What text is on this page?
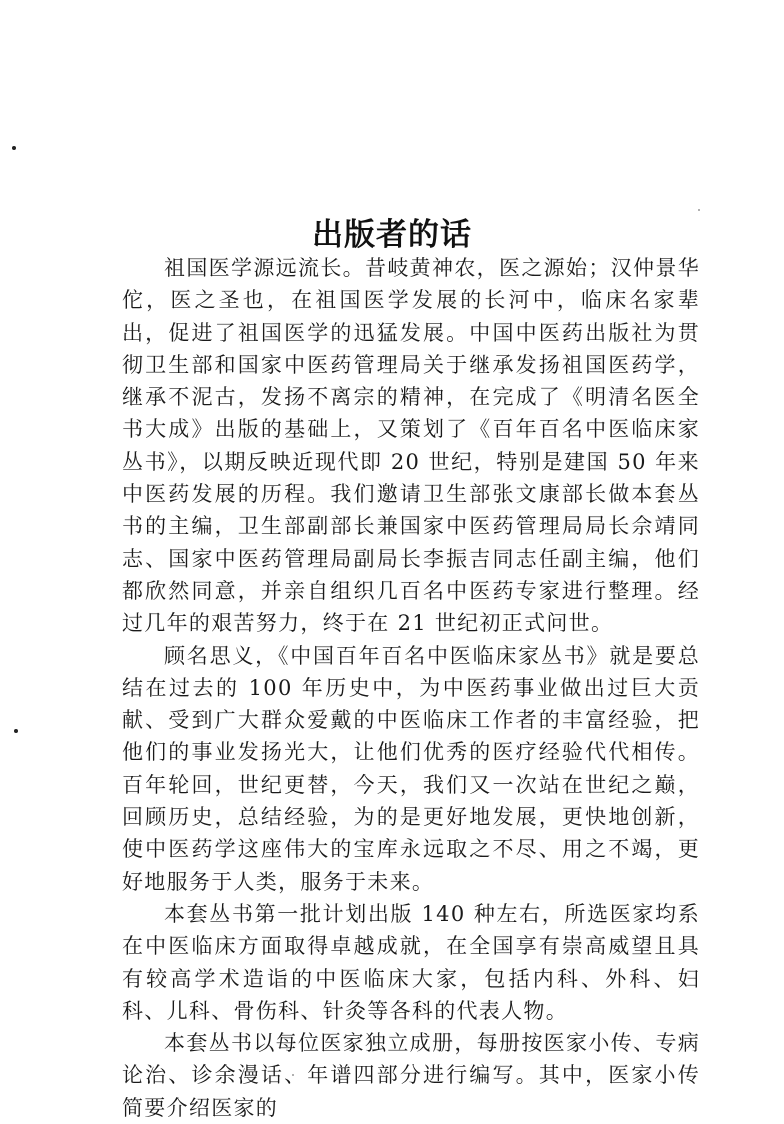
出版者的话

祖国医学源远流长。昔岐黄神农，医之源始；汉仲景华佗，医之圣也，在祖国医学发展的长河中，临床名家辈出，促进了祖国医学的迅猛发展。中国中医药出版社为贯彻卫生部和国家中医药管理局关于继承发扬祖国医药学，继承不泥古，发扬不离宗的精神，在完成了《明清名医全书大成》出版的基础上，又策划了《百年百名中医临床家丛书》，以期反映近现代即 20 世纪，特别是建国 50 年来中医药发展的历程。我们邀请卫生部张文康部长做本套丛书的主编，卫生部副部长兼国家中医药管理局局长佘靖同志、国家中医药管理局副局长李振吉同志任副主编，他们都欣然同意，并亲自组织几百名中医药专家进行整理。经过几年的艰苦努力，终于在 21 世纪初正式问世。

顾名思义，《中国百年百名中医临床家丛书》就是要总结在过去的 100 年历史中，为中医药事业做出过巨大贡献、受到广大群众爱戴的中医临床工作者的丰富经验，把他们的事业发扬光大，让他们优秀的医疗经验代代相传。百年轮回，世纪更替，今天，我们又一次站在世纪之巅，回顾历史，总结经验，为的是更好地发展，更快地创新，使中医药学这座伟大的宝库永远取之不尽、用之不竭，更好地服务于人类，服务于未来。

本套丛书第一批计划出版 140 种左右，所选医家均系在中医临床方面取得卓越成就，在全国享有崇高威望且具有较高学术造诣的中医临床大家，包括内科、外科、妇科、儿科、骨伤科、针灸等各科的代表人物。

本套丛书以每位医家独立成册，每册按医家小传、专病论治、诊余漫话、年谱四部分进行编写。其中，医家小传简要介绍医家的
